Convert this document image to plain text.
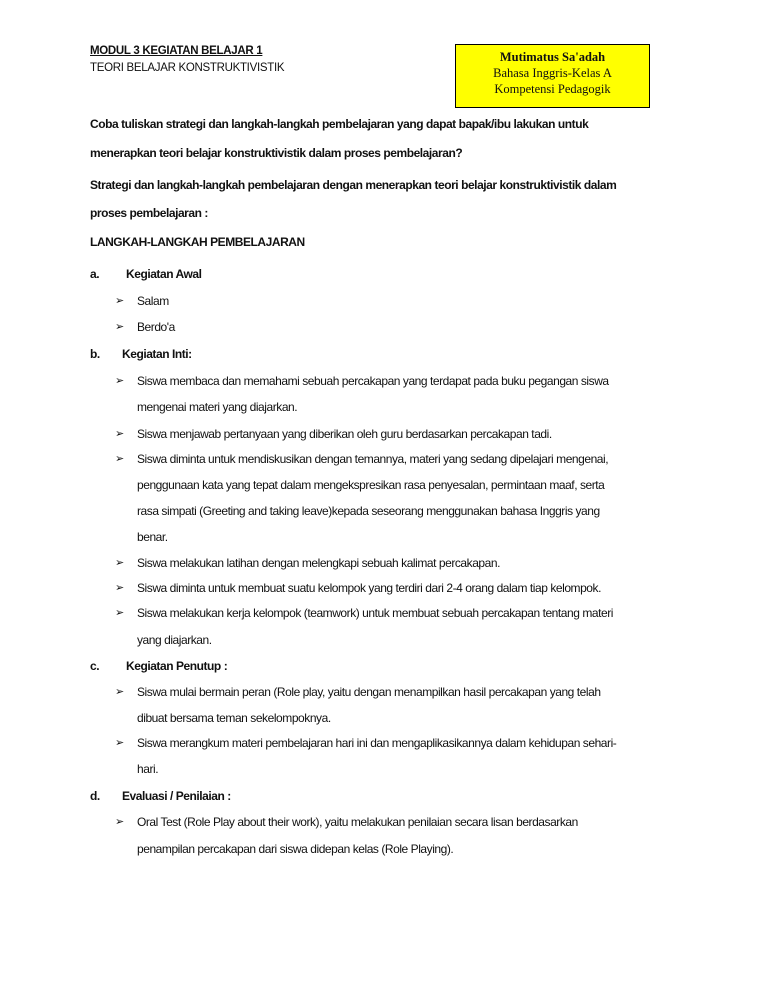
MODUL 3 KEGIATAN BELAJAR 1
TEORI BELAJAR KONSTRUKTIVISTIK
Mutimatus Sa'adah
Bahasa Inggris-Kelas A
Kompetensi Pedagogik
Coba tuliskan strategi dan langkah-langkah pembelajaran yang dapat bapak/ibu lakukan untuk
menerapkan teori belajar konstruktivistik dalam proses pembelajaran?
Strategi dan langkah-langkah pembelajaran dengan menerapkan teori belajar konstruktivistik dalam
proses pembelajaran :
LANGKAH-LANGKAH PEMBELAJARAN
a. Kegiatan Awal
➢ Salam
➢ Berdo'a
b. Kegiatan Inti:
➢ Siswa membaca dan memahami sebuah percakapan yang terdapat pada buku pegangan siswa
mengenai materi yang diajarkan.
➢ Siswa menjawab pertanyaan yang diberikan oleh guru berdasarkan percakapan tadi.
➢ Siswa diminta untuk mendiskusikan dengan temannya, materi yang sedang dipelajari mengenai,
penggunaan kata yang tepat dalam mengekspresikan rasa penyesalan, permintaan maaf, serta
rasa simpati (Greeting and taking leave)kepada seseorang menggunakan bahasa Inggris yang
benar.
➢ Siswa melakukan latihan dengan melengkapi sebuah kalimat percakapan.
➢ Siswa diminta untuk membuat suatu kelompok yang terdiri dari 2-4 orang dalam tiap kelompok.
➢ Siswa melakukan kerja kelompok (teamwork) untuk membuat sebuah percakapan tentang materi
yang diajarkan.
c. Kegiatan Penutup :
➢ Siswa mulai bermain peran (Role play, yaitu dengan menampilkan hasil percakapan yang telah
dibuat bersama teman sekelompoknya.
➢ Siswa merangkum materi pembelajaran hari ini dan mengaplikasikannya dalam kehidupan sehari-
hari.
d. Evaluasi / Penilaian :
➢ Oral Test (Role Play about their work), yaitu melakukan penilaian secara lisan berdasarkan
penampilan percakapan dari siswa didepan kelas (Role Playing).
